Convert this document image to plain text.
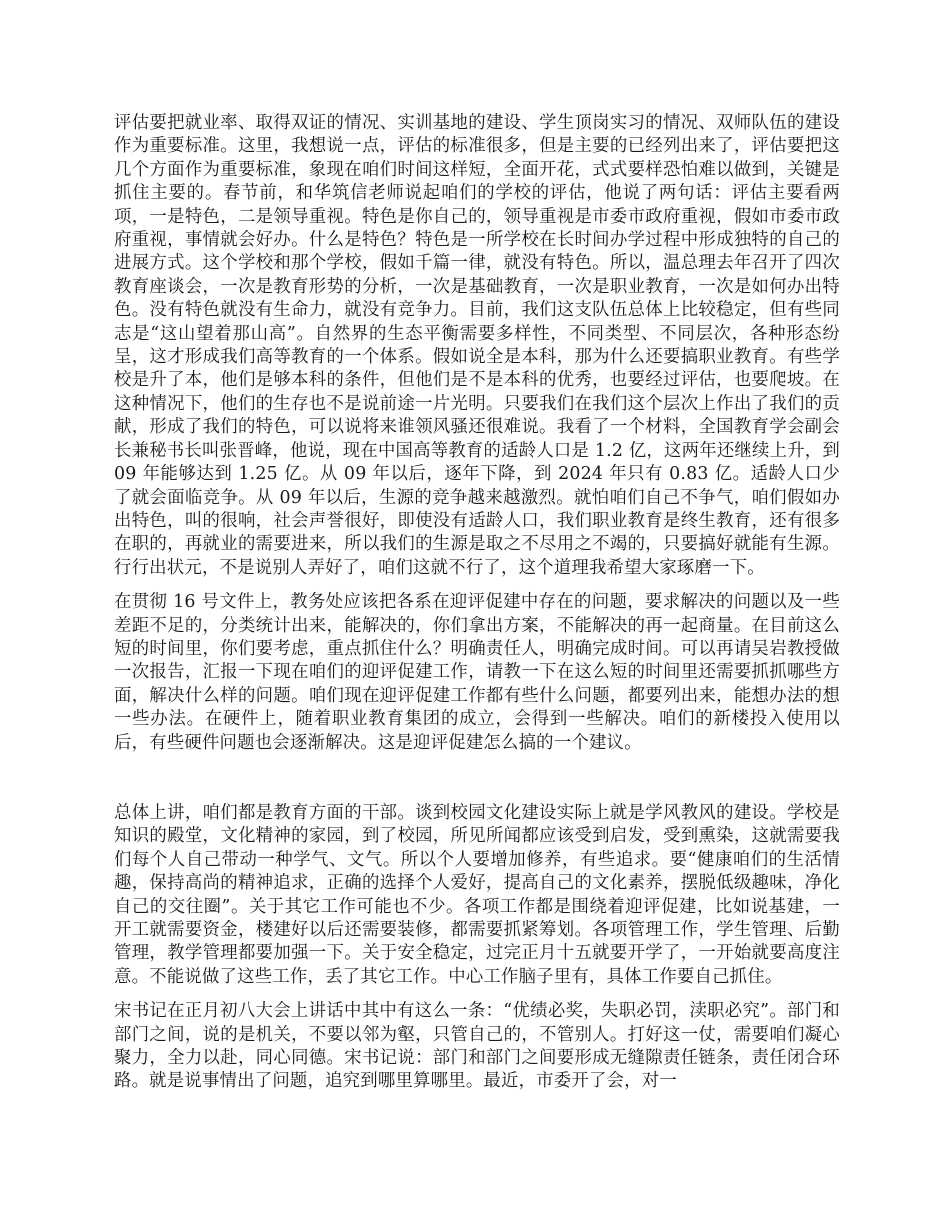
评估要把就业率、取得双证的情况、实训基地的建设、学生顶岗实习的情况、双师队伍的建设作为重要标准。这里，我想说一点，评估的标准很多，但是主要的已经列出来了，评估要把这几个方面作为重要标准，象现在咱们时间这样短，全面开花，式式要样恐怕难以做到，关键是抓住主要的。春节前，和华筑信老师说起咱们的学校的评估，他说了两句话：评估主要看两项，一是特色，二是领导重视。特色是你自己的，领导重视是市委市政府重视，假如市委市政府重视，事情就会好办。什么是特色？特色是一所学校在长时间办学过程中形成独特的自己的进展方式。这个学校和那个学校，假如千篇一律，就没有特色。所以，温总理去年召开了四次教育座谈会，一次是教育形势的分析，一次是基础教育，一次是职业教育，一次是如何办出特色。没有特色就没有生命力，就没有竞争力。目前，我们这支队伍总体上比较稳定，但有些同志是“这山望着那山高”。自然界的生态平衡需要多样性，不同类型、不同层次，各种形态纷呈，这才形成我们高等教育的一个体系。假如说全是本科，那为什么还要搞职业教育。有些学校是升了本，他们是够本科的条件，但他们是不是本科的优秀，也要经过评估，也要爬坡。在这种情况下，他们的生存也不是说前途一片光明。只要我们在我们这个层次上作出了我们的贡献，形成了我们的特色，可以说将来谁领风骚还很难说。我看了一个材料，全国教育学会副会长兼秘书长叫张晋峰，他说，现在中国高等教育的适龄人口是 1.2 亿，这两年还继续上升，到 09 年能够达到 1.25 亿。从 09 年以后，逐年下降，到 2024 年只有 0.83 亿。适龄人口少了就会面临竞争。从 09 年以后，生源的竞争越来越激烈。就怕咱们自己不争气，咱们假如办出特色，叫的很响，社会声誉很好，即使没有适龄人口，我们职业教育是终生教育，还有很多在职的，再就业的需要进来，所以我们的生源是取之不尽用之不竭的，只要搞好就能有生源。行行出状元，不是说别人弄好了，咱们这就不行了，这个道理我希望大家琢磨一下。

在贯彻 16 号文件上，教务处应该把各系在迎评促建中存在的问题，要求解决的问题以及一些差距不足的，分类统计出来，能解决的，你们拿出方案，不能解决的再一起商量。在目前这么短的时间里，你们要考虑，重点抓住什么？明确责任人，明确完成时间。可以再请吴岩教授做一次报告，汇报一下现在咱们的迎评促建工作，请教一下在这么短的时间里还需要抓抓哪些方面，解决什么样的问题。咱们现在迎评促建工作都有些什么问题，都要列出来，能想办法的想一些办法。在硬件上，随着职业教育集团的成立，会得到一些解决。咱们的新楼投入使用以后，有些硬件问题也会逐渐解决。这是迎评促建怎么搞的一个建议。

总体上讲，咱们都是教育方面的干部。谈到校园文化建设实际上就是学风教风的建设。学校是知识的殿堂，文化精神的家园，到了校园，所见所闻都应该受到启发，受到熏染，这就需要我们每个人自己带动一种学气、文气。所以个人要增加修养，有些追求。要“健康咱们的生活情趣，保持高尚的精神追求，正确的选择个人爱好，提高自己的文化素养，摆脱低级趣味，净化自己的交往圈”。关于其它工作可能也不少。各项工作都是围绕着迎评促建，比如说基建，一开工就需要资金，楼建好以后还需要装修，都需要抓紧筹划。各项管理工作，学生管理、后勤管理，教学管理都要加强一下。关于安全稳定，过完正月十五就要开学了，一开始就要高度注意。不能说做了这些工作，丢了其它工作。中心工作脑子里有，具体工作要自己抓住。

宋书记在正月初八大会上讲话中其中有这么一条：“优绩必奖，失职必罚，渎职必究”。部门和部门之间，说的是机关，不要以邻为壑，只管自己的，不管别人。打好这一仗，需要咱们凝心聚力，全力以赴，同心同德。宋书记说：部门和部门之间要形成无缝隙责任链条，责任闭合环路。就是说事情出了问题，追究到哪里算哪里。最近，市委开了会，对一
